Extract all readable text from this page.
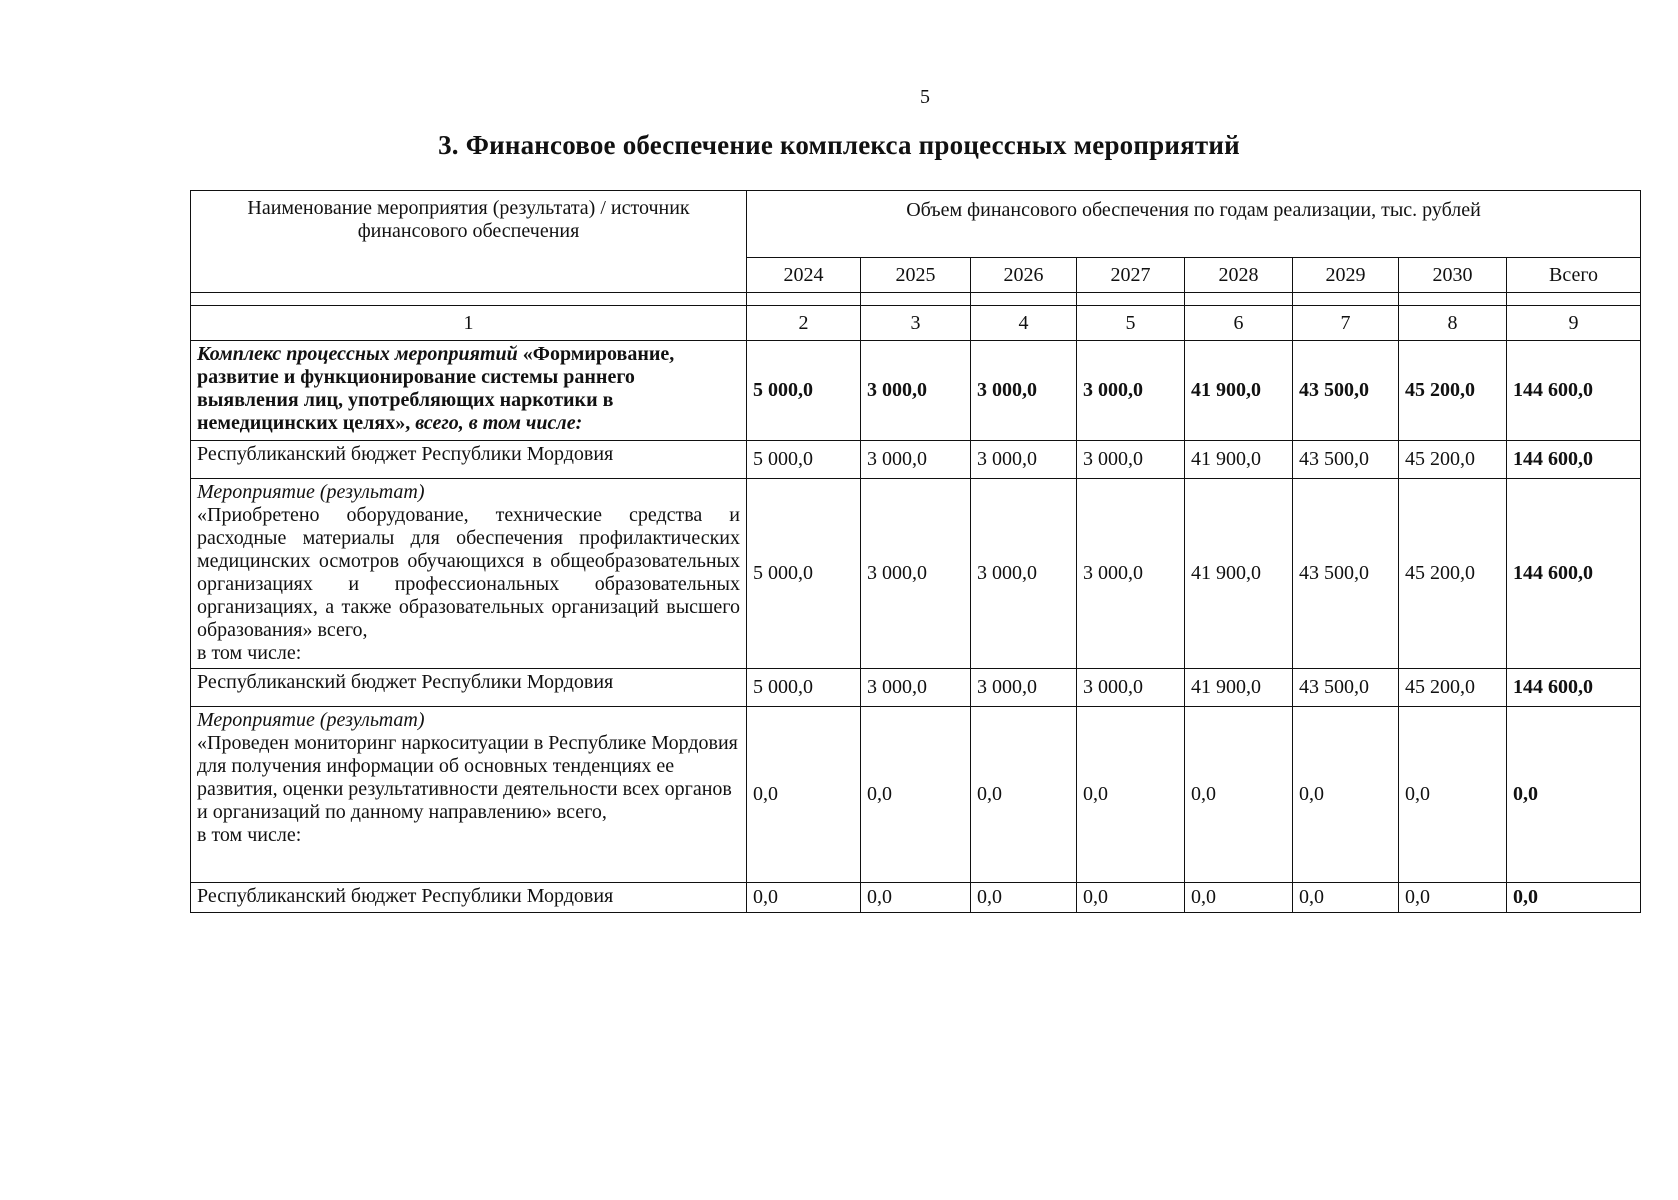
5
3. Финансовое обеспечение комплекса процессных мероприятий
Наименование мероприятия (результата) / источник финансового обеспечения	Объем финансового обеспечения по годам реализации, тыс. рублей							
	2024	2025	2026	2027	2028	2029	2030	Всего

1	2	3	4	5	6	7	8	9
Комплекс процессных мероприятий «Формирование, развитие и функционирование системы раннего выявления лиц, употребляющих наркотики в немедицинских целях», всего, в том числе:	5 000,0	3 000,0	3 000,0	3 000,0	41 900,0	43 500,0	45 200,0	144 600,0
Республиканский бюджет Республики Мордовия	5 000,0	3 000,0	3 000,0	3 000,0	41 900,0	43 500,0	45 200,0	144 600,0

Мероприятие (результат)
«Приобретено оборудование, технические средства и расходные материалы для обеспечения профилактических медицинских осмотров обучающихся в общеобразовательных организациях и профессиональных образовательных организациях, а также образовательных организаций высшего образования» всего,
в том числе:	5 000,0	3 000,0	3 000,0	3 000,0	41 900,0	43 500,0	45 200,0	144 600,0
Республиканский бюджет Республики Мордовия	5 000,0	3 000,0	3 000,0	3 000,0	41 900,0	43 500,0	45 200,0	144 600,0

Мероприятие (результат)
«Проведен мониторинг наркоситуации в Республике Мордовия для получения информации об основных тенденциях ее развития, оценки результативности деятельности всех органов и организаций по данному направлению» всего,
в том числе:	0,0	0,0	0,0	0,0	0,0	0,0	0,0	0,0
Республиканский бюджет Республики Мордовия	0,0	0,0	0,0	0,0	0,0	0,0	0,0	0,0
